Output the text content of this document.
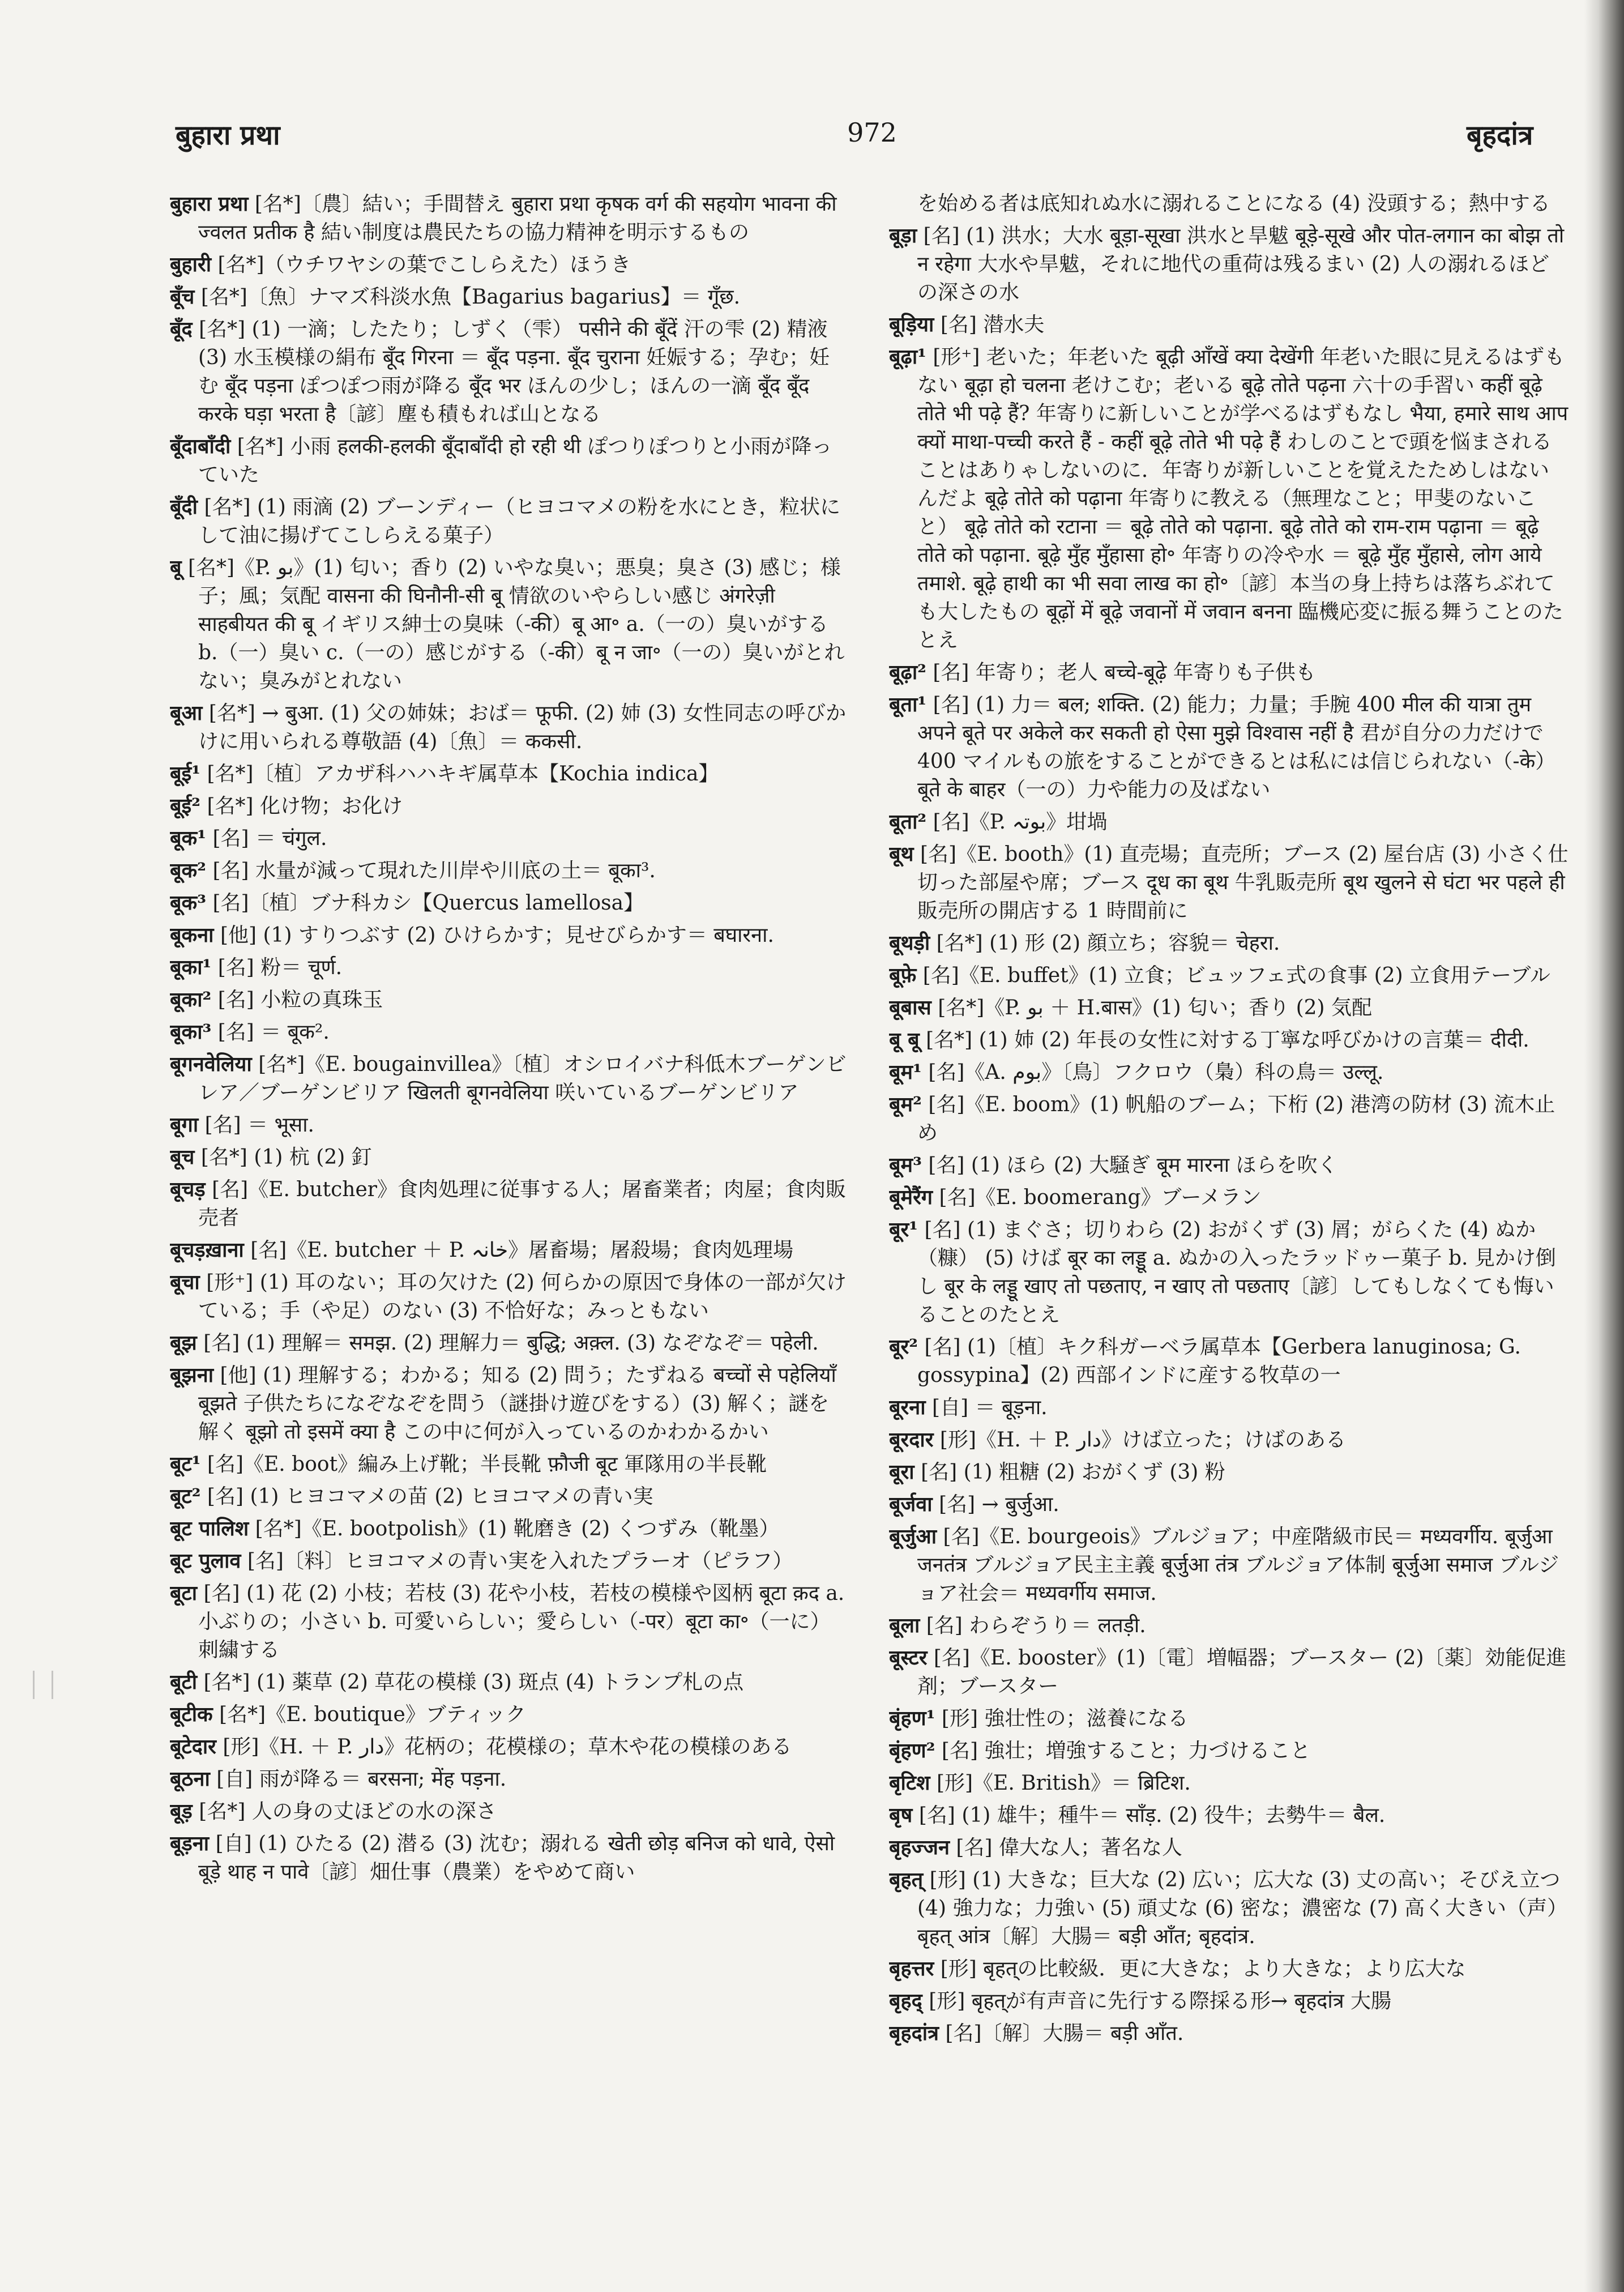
बुहारा प्रथा	972	बृहदांत्र
बुहारा प्रथा [名*]〔農〕結い；手間替え बुहारा प्रथा कृषक वर्ग की सहयोग भावना की ज्वलत प्रतीक है 結い制度は農民たちの協力精神を明示するもの
बुहारी [名*]（ウチワヤシの葉でこしらえた）ほうき
बूँच [名*]〔魚〕ナマズ科淡水魚【Bagarius bagarius】＝ गूँछ.
बूँद [名*] (1) 一滴；したたり；しずく（雫） पसीने की बूँदें 汗の雫 (2) 精液 (3) 水玉模様の絹布 बूँद गिरना ＝ बूँद पड़ना. बूँद चुराना 妊娠する；孕む；妊む बूँद पड़ना ぽつぽつ雨が降る बूँद भर ほんの少し；ほんの一滴 बूँद बूँद करके घड़ा भरता है〔諺〕塵も積もれば山となる
बूँदाबाँदी [名*] 小雨 हलकी-हलकी बूँदाबाँदी हो रही थी ぽつりぽつりと小雨が降っていた
बूँदी [名*] (1) 雨滴 (2) ブーンディー（ヒヨコマメの粉を水にとき，粒状にして油に揚げてこしらえる菓子）
बू [名*]《P. بو》(1) 匂い；香り (2) いやな臭い；悪臭；臭さ (3) 感じ；様子；風；気配 वासना की घिनौनी-सी बू 情欲のいやらしい感じ अंगरेज़ी साहबीयत की बू イギリス紳士の臭味（-की）बू आ॰ a.（一の）臭いがする b.（一）臭い c.（一の）感じがする（-की）बू न जा॰（一の）臭いがとれない；臭みがとれない
बूआ [名*] → बुआ. (1) 父の姉妹；おば＝ फूफी. (2) 姉 (3) 女性同志の呼びかけに用いられる尊敬語 (4)〔魚〕＝ ककसी.
बूई¹ [名*]〔植〕アカザ科ハハキギ属草本【Kochia indica】
बूई² [名*] 化け物；お化け
बूक¹ [名] ＝ चंगुल.
बूक² [名] 水量が減って現れた川岸や川底の土＝ बूका³.
बूक³ [名]〔植〕ブナ科カシ【Quercus lamellosa】
बूकना [他] (1) すりつぶす (2) ひけらかす；見せびらかす＝ बघारना.
बूका¹ [名] 粉＝ चूर्ण.
बूका² [名] 小粒の真珠玉
बूका³ [名] ＝ बूक².
बूगनवेलिया [名*]《E. bougainvillea》〔植〕オシロイバナ科低木ブーゲンビレア／ブーゲンビリア खिलती बूगनवेलिया 咲いているブーゲンビリア
बूगा [名] ＝ भूसा.
बूच [名*] (1) 杭 (2) 釘
बूचड़ [名]《E. butcher》食肉処理に従事する人；屠畜業者；肉屋；食肉販売者
बूचड़ख़ाना [名]《E. butcher ＋ P. خانہ》屠畜場；屠殺場；食肉処理場
बूचा [形⁺] (1) 耳のない；耳の欠けた (2) 何らかの原因で身体の一部が欠けている；手（や足）のない (3) 不恰好な；みっともない
बूझ [名] (1) 理解＝ समझ. (2) 理解力＝ बुद्धि; अक़्ल. (3) なぞなぞ＝ पहेली.
बूझना [他] (1) 理解する；わかる；知る (2) 問う；たずねる बच्चों से पहेलियाँ बूझते 子供たちになぞなぞを問う（謎掛け遊びをする）(3) 解く；謎を解く बूझो तो इसमें क्या है この中に何が入っているのかわかるかい
बूट¹ [名]《E. boot》編み上げ靴；半長靴 फ़ौजी बूट 軍隊用の半長靴
बूट² [名] (1) ヒヨコマメの苗 (2) ヒヨコマメの青い実
बूट पालिश [名*]《E. bootpolish》(1) 靴磨き (2) くつずみ（靴墨）
बूट पुलाव [名]〔料〕ヒヨコマメの青い実を入れたプラーオ（ピラフ）
बूटा [名] (1) 花 (2) 小枝；若枝 (3) 花や小枝，若枝の模様や図柄 बूटा क़द a. 小ぶりの；小さい b. 可愛いらしい；愛らしい（-पर）बूटा का॰（一に）刺繍する
बूटी [名*] (1) 薬草 (2) 草花の模様 (3) 斑点 (4) トランプ札の点
बूटीक [名*]《E. boutique》ブティック
बूटेदार [形]《H. ＋ P. دار》花柄の；花模様の；草木や花の模様のある
बूठना [自] 雨が降る＝ बरसना; मेंह पड़ना.
बूड़ [名*] 人の身の丈ほどの水の深さ
बूड़ना [自] (1) ひたる (2) 潜る (3) 沈む；溺れる खेती छोड़ बनिज को धावे, ऐसो बूड़े थाह न पावे〔諺〕畑仕事（農業）をやめて商い
を始める者は底知れぬ水に溺れることになる (4) 没頭する；熱中する
बूड़ा [名] (1) 洪水；大水 बूड़ा-सूखा 洪水と旱魃 बूड़े-सूखे और पोत-लगान का बोझ तो न रहेगा 大水や旱魃，それに地代の重荷は残るまい (2) 人の溺れるほどの深さの水
बूड़िया [名] 潜水夫
बूढ़ा¹ [形⁺] 老いた；年老いた बूढ़ी आँखें क्या देखेंगी 年老いた眼に見えるはずもない बूढ़ा हो चलना 老けこむ；老いる बूढ़े तोते पढ़ना 六十の手習い कहीं बूढ़े तोते भी पढ़े हैं? 年寄りに新しいことが学べるはずもなし भैया, हमारे साथ आप क्यों माथा-पच्ची करते हैं - कहीं बूढ़े तोते भी पढ़े हैं わしのことで頭を悩まされることはありゃしないのに．年寄りが新しいことを覚えたためしはないんだよ बूढ़े तोते को पढ़ाना 年寄りに教える（無理なこと；甲斐のないこと） बूढ़े तोते को रटाना ＝ बूढ़े तोते को पढ़ाना. बूढ़े तोते को राम-राम पढ़ाना ＝ बूढ़े तोते को पढ़ाना. बूढ़े मुँह मुँहासा हो॰ 年寄りの冷や水 ＝ बूढ़े मुँह मुँहासे, लोग आये तमाशे. बूढ़े हाथी का भी सवा लाख का हो॰〔諺〕本当の身上持ちは落ちぶれても大したもの बूढ़ों में बूढ़े जवानों में जवान बनना 臨機応変に振る舞うことのたとえ
बूढ़ा² [名] 年寄り；老人 बच्चे-बूढ़े 年寄りも子供も
बूता¹ [名] (1) 力＝ बल; शक्ति. (2) 能力；力量；手腕 400 मील की यात्रा तुम अपने बूते पर अकेले कर सकती हो ऐसा मुझे विश्वास नहीं है 君が自分の力だけで 400 マイルもの旅をすることができるとは私には信じられない（-के）बूते के बाहर（一の）力や能力の及ばない
बूता² [名]《P. بوتہ》坩堝
बूथ [名]《E. booth》(1) 直売場；直売所；ブース (2) 屋台店 (3) 小さく仕切った部屋や席；ブース दूध का बूथ 牛乳販売所 बूथ खुलने से घंटा भर पहले ही 販売所の開店する 1 時間前に
बूथड़ी [名*] (1) 形 (2) 顔立ち；容貌＝ चेहरा.
बूफ़े [名]《E. buffet》(1) 立食；ビュッフェ式の食事 (2) 立食用テーブル
बूबास [名*]《P. بو ＋ H.बास》(1) 匂い；香り (2) 気配
बू बू [名*] (1) 姉 (2) 年長の女性に対する丁寧な呼びかけの言葉＝ दीदी.
बूम¹ [名]《A. بوم》〔鳥〕フクロウ（梟）科の鳥＝ उल्लू.
बूम² [名]《E. boom》(1) 帆船のブーム；下桁 (2) 港湾の防材 (3) 流木止め
बूम³ [名] (1) ほら (2) 大騒ぎ बूम मारना ほらを吹く
बूमेरैंग [名]《E. boomerang》ブーメラン
बूर¹ [名] (1) まぐさ；切りわら (2) おがくず (3) 屑；がらくた (4) ぬか（糠） (5) けば बूर का लड्डू a. ぬかの入ったラッドゥー菓子 b. 見かけ倒し बूर के लड्डू खाए तो पछताए, न खाए तो पछताए〔諺〕してもしなくても悔いることのたとえ
बूर² [名] (1)〔植〕キク科ガーベラ属草本【Gerbera lanuginosa; G. gossypina】(2) 西部インドに産する牧草の一
बूरना [自] ＝ बूड़ना.
बूरदार [形]《H. ＋ P. دار》けば立った；けばのある
बूरा [名] (1) 粗糖 (2) おがくず (3) 粉
बूर्जवा [名] → बुर्जुआ.
बूर्जुआ [名]《E. bourgeois》ブルジョア；中産階級市民＝ मध्यवर्गीय. बूर्जुआ जनतंत्र ブルジョア民主主義 बूर्जुआ तंत्र ブルジョア体制 बूर्जुआ समाज ブルジョア社会＝ मध्यवर्गीय समाज.
बूला [名] わらぞうり＝ लतड़ी.
बूस्टर [名]《E. booster》(1)〔電〕増幅器；ブースター (2)〔薬〕効能促進剤；ブースター
बृंहण¹ [形] 強壮性の；滋養になる
बृंहण² [名] 強壮；増強すること；力づけること
बृटिश [形]《E. British》＝ ब्रिटिश.
बृष [名] (1) 雄牛；種牛＝ साँड़. (2) 役牛；去勢牛＝ बैल.
बृहज्जन [名] 偉大な人；著名な人
बृहत् [形] (1) 大きな；巨大な (2) 広い；広大な (3) 丈の高い；そびえ立つ (4) 強力な；力強い (5) 頑丈な (6) 密な；濃密な (7) 高く大きい（声） बृहत् आंत्र〔解〕大腸＝ बड़ी आँत; बृहदांत्र.
बृहत्तर [形] बृहत्の比較級．更に大きな；より大きな；より広大な
बृहद् [形] बृहत्が有声音に先行する際採る形→ बृहदांत्र 大腸
बृहदांत्र [名]〔解〕大腸＝ बड़ी आँत.
